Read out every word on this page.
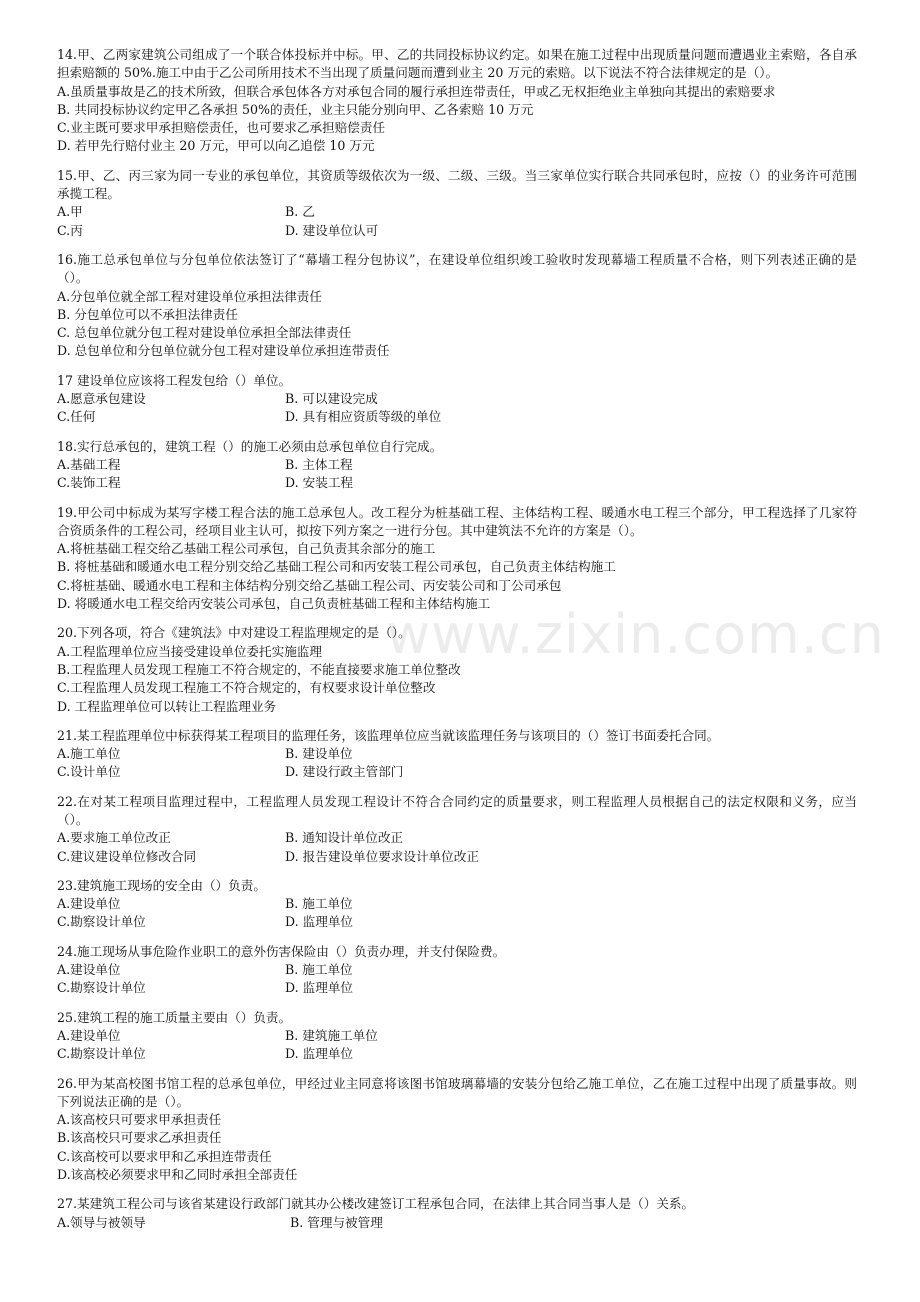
14.甲、乙两家建筑公司组成了一个联合体投标并中标。甲、乙的共同投标协议约定。如果在施工过程中出现质量问题而遭遇业主索赔，各自承担索赔额的 50%.施工中由于乙公司所用技术不当出现了质量问题而遭到业主 20 万元的索赔。以下说法不符合法律规定的是（）。

A.虽质量事故是乙的技术所致，但联合承包体各方对承包合同的履行承担连带责任，甲或乙无权拒绝业主单独向其提出的索赔要求

B. 共同投标协议约定甲乙各承担 50%的责任，业主只能分别向甲、乙各索赔 10 万元

C.业主既可要求甲承担赔偿责任，也可要求乙承担赔偿责任

D. 若甲先行赔付业主 20 万元，甲可以向乙追偿 10 万元

15.甲、乙、丙三家为同一专业的承包单位，其资质等级依次为一级、二级、三级。当三家单位实行联合共同承包时，应按（）的业务许可范围承揽工程。

A.甲	B. 乙

C.丙	D. 建设单位认可

16.施工总承包单位与分包单位依法签订了“幕墙工程分包协议”，在建设单位组织竣工验收时发现幕墙工程质量不合格，则下列表述正确的是（）。

A.分包单位就全部工程对建设单位承担法律责任

B. 分包单位可以不承担法律责任

C. 总包单位就分包工程对建设单位承担全部法律责任

D. 总包单位和分包单位就分包工程对建设单位承担连带责任

17 建设单位应该将工程发包给（）单位。

A.愿意承包建设	B. 可以建设完成

C.任何	D. 具有相应资质等级的单位

18.实行总承包的，建筑工程（）的施工必须由总承包单位自行完成。

A.基础工程	B. 主体工程

C.装饰工程	D. 安装工程

19.甲公司中标成为某写字楼工程合法的施工总承包人。改工程分为桩基础工程、主体结构工程、暖通水电工程三个部分，甲工程选择了几家符合资质条件的工程公司，经项目业主认可，拟按下列方案之一进行分包。其中建筑法不允许的方案是（）。

A.将桩基础工程交给乙基础工程公司承包，自己负责其余部分的施工

B. 将桩基础和暖通水电工程分别交给乙基础工程公司和丙安装工程公司承包，自己负责主体结构施工

C.将桩基础、暖通水电工程和主体结构分别交给乙基础工程公司、丙安装公司和丁公司承包

D. 将暖通水电工程交给丙安装公司承包，自己负责桩基础工程和主体结构施工

20.下列各项，符合《建筑法》中对建设工程监理规定的是（）。

A.工程监理单位应当接受建设单位委托实施监理

B.工程监理人员发现工程施工不符合规定的，不能直接要求施工单位整改

C.工程监理人员发现工程施工不符合规定的，有权要求设计单位整改

D. 工程监理单位可以转让工程监理业务

21.某工程监理单位中标获得某工程项目的监理任务，该监理单位应当就该监理任务与该项目的（）签订书面委托合同。

A.施工单位	B. 建设单位

C.设计单位	D. 建设行政主管部门

22.在对某工程项目监理过程中，工程监理人员发现工程设计不符合合同约定的质量要求，则工程监理人员根据自己的法定权限和义务，应当（）。

A.要求施工单位改正	B. 通知设计单位改正

C.建议建设单位修改合同	D. 报告建设单位要求设计单位改正

23.建筑施工现场的安全由（）负责。

A.建设单位	B. 施工单位

C.勘察设计单位	D. 监理单位

24.施工现场从事危险作业职工的意外伤害保险由（）负责办理，并支付保险费。

A.建设单位	B. 施工单位

C.勘察设计单位	D. 监理单位

25.建筑工程的施工质量主要由（）负责。

A.建设单位	B. 建筑施工单位

C.勘察设计单位	D. 监理单位

26.甲为某高校图书馆工程的总承包单位，甲经过业主同意将该图书馆玻璃幕墙的安装分包给乙施工单位，乙在施工过程中出现了质量事故。则下列说法正确的是（）。

A.该高校只可要求甲承担责任

B.该高校只可要求乙承担责任

C.该高校可以要求甲和乙承担连带责任

D.该高校必须要求甲和乙同时承担全部责任

27.某建筑工程公司与该省某建设行政部门就其办公楼改建签订工程承包合同，在法律上其合同当事人是（）关系。

A.领导与被领导	B. 管理与被管理

www.zixin.com.cn
